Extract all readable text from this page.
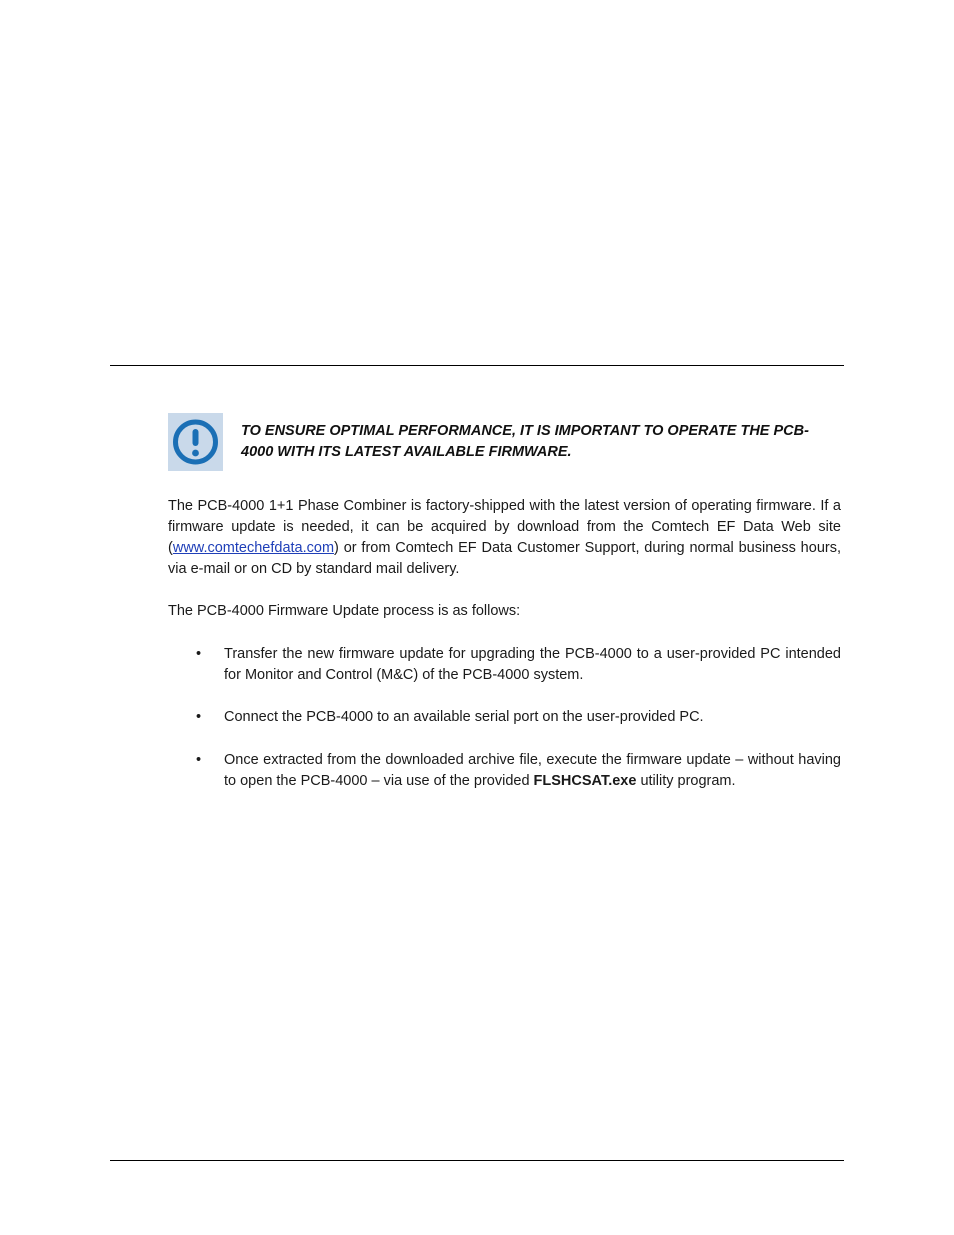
TO ENSURE OPTIMAL PERFORMANCE, IT IS IMPORTANT TO OPERATE THE PCB-4000 WITH ITS LATEST AVAILABLE FIRMWARE.

The PCB-4000 1+1 Phase Combiner is factory-shipped with the latest version of operating firmware. If a firmware update is needed, it can be acquired by download from the Comtech EF Data Web site (www.comtechefdata.com) or from Comtech EF Data Customer Support, during normal business hours, via e-mail or on CD by standard mail delivery.

The PCB-4000 Firmware Update process is as follows:

• Transfer the new firmware update for upgrading the PCB-4000 to a user-provided PC intended for Monitor and Control (M&C) of the PCB-4000 system.

• Connect the PCB-4000 to an available serial port on the user-provided PC.

• Once extracted from the downloaded archive file, execute the firmware update – without having to open the PCB-4000 – via use of the provided FLSHCSAT.exe utility program.
